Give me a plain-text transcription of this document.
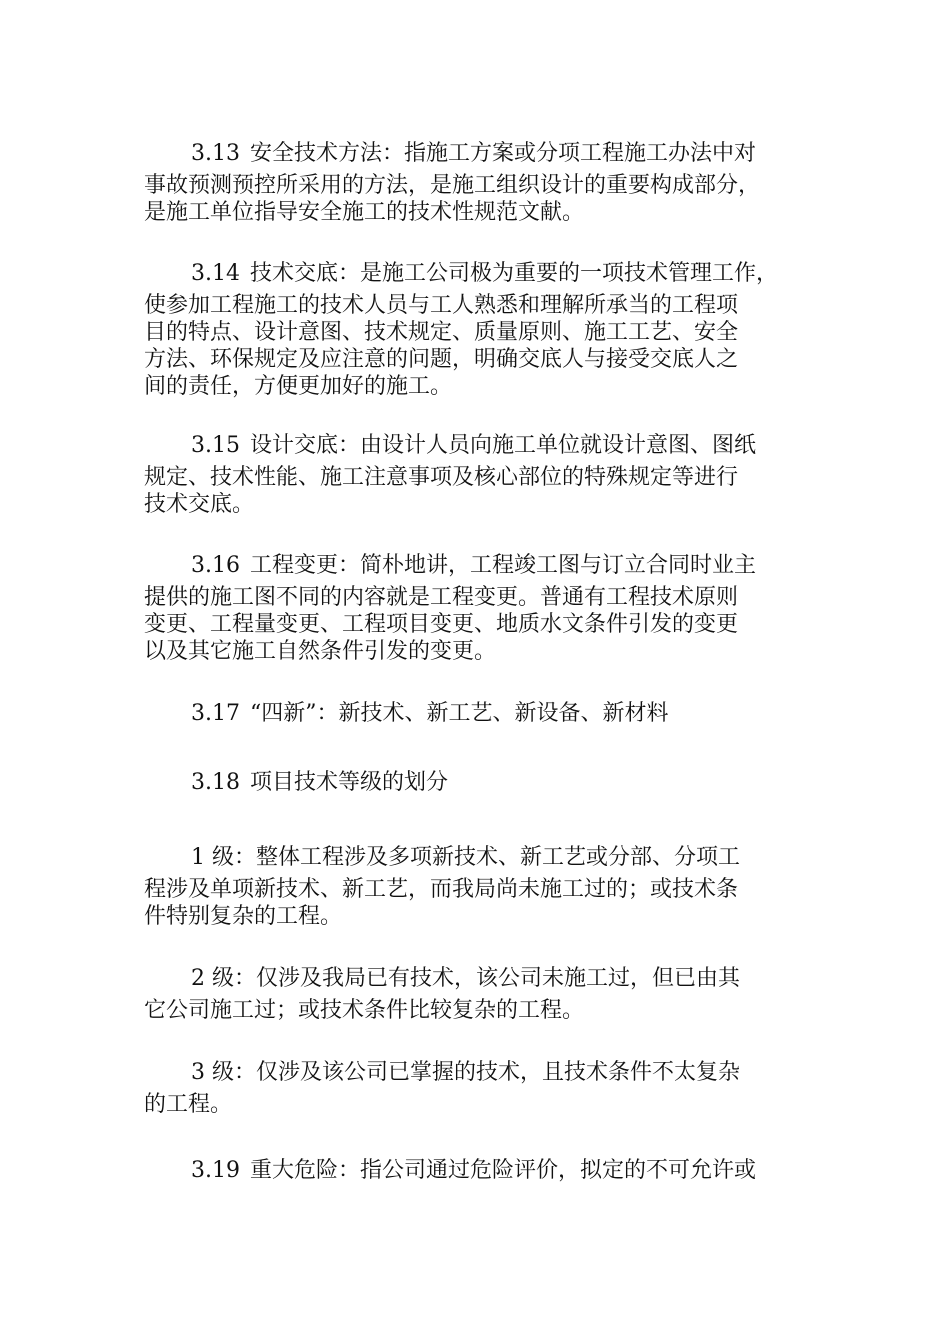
3.13 安全技术方法：指施工方案或分项工程施工办法中对
事故预测预控所采用的方法，是施工组织设计的重要构成部分，
是施工单位指导安全施工的技术性规范文献。
3.14 技术交底：是施工公司极为重要的一项技术管理工作，
使参加工程施工的技术人员与工人熟悉和理解所承当的工程项
目的特点、设计意图、技术规定、质量原则、施工工艺、安全
方法、环保规定及应注意的问题，明确交底人与接受交底人之
间的责任，方便更加好的施工。
3.15 设计交底：由设计人员向施工单位就设计意图、图纸
规定、技术性能、施工注意事项及核心部位的特殊规定等进行
技术交底。
3.16 工程变更：简朴地讲，工程竣工图与订立合同时业主
提供的施工图不同的内容就是工程变更。普通有工程技术原则
变更、工程量变更、工程项目变更、地质水文条件引发的变更
以及其它施工自然条件引发的变更。
3.17 “四新”：新技术、新工艺、新设备、新材料
3.18 项目技术等级的划分
1 级：整体工程涉及多项新技术、新工艺或分部、分项工
程涉及单项新技术、新工艺，而我局尚未施工过的；或技术条
件特别复杂的工程。
2 级：仅涉及我局已有技术，该公司未施工过，但已由其
它公司施工过；或技术条件比较复杂的工程。
3 级：仅涉及该公司已掌握的技术，且技术条件不太复杂
的工程。
3.19 重大危险：指公司通过危险评价，拟定的不可允许或
